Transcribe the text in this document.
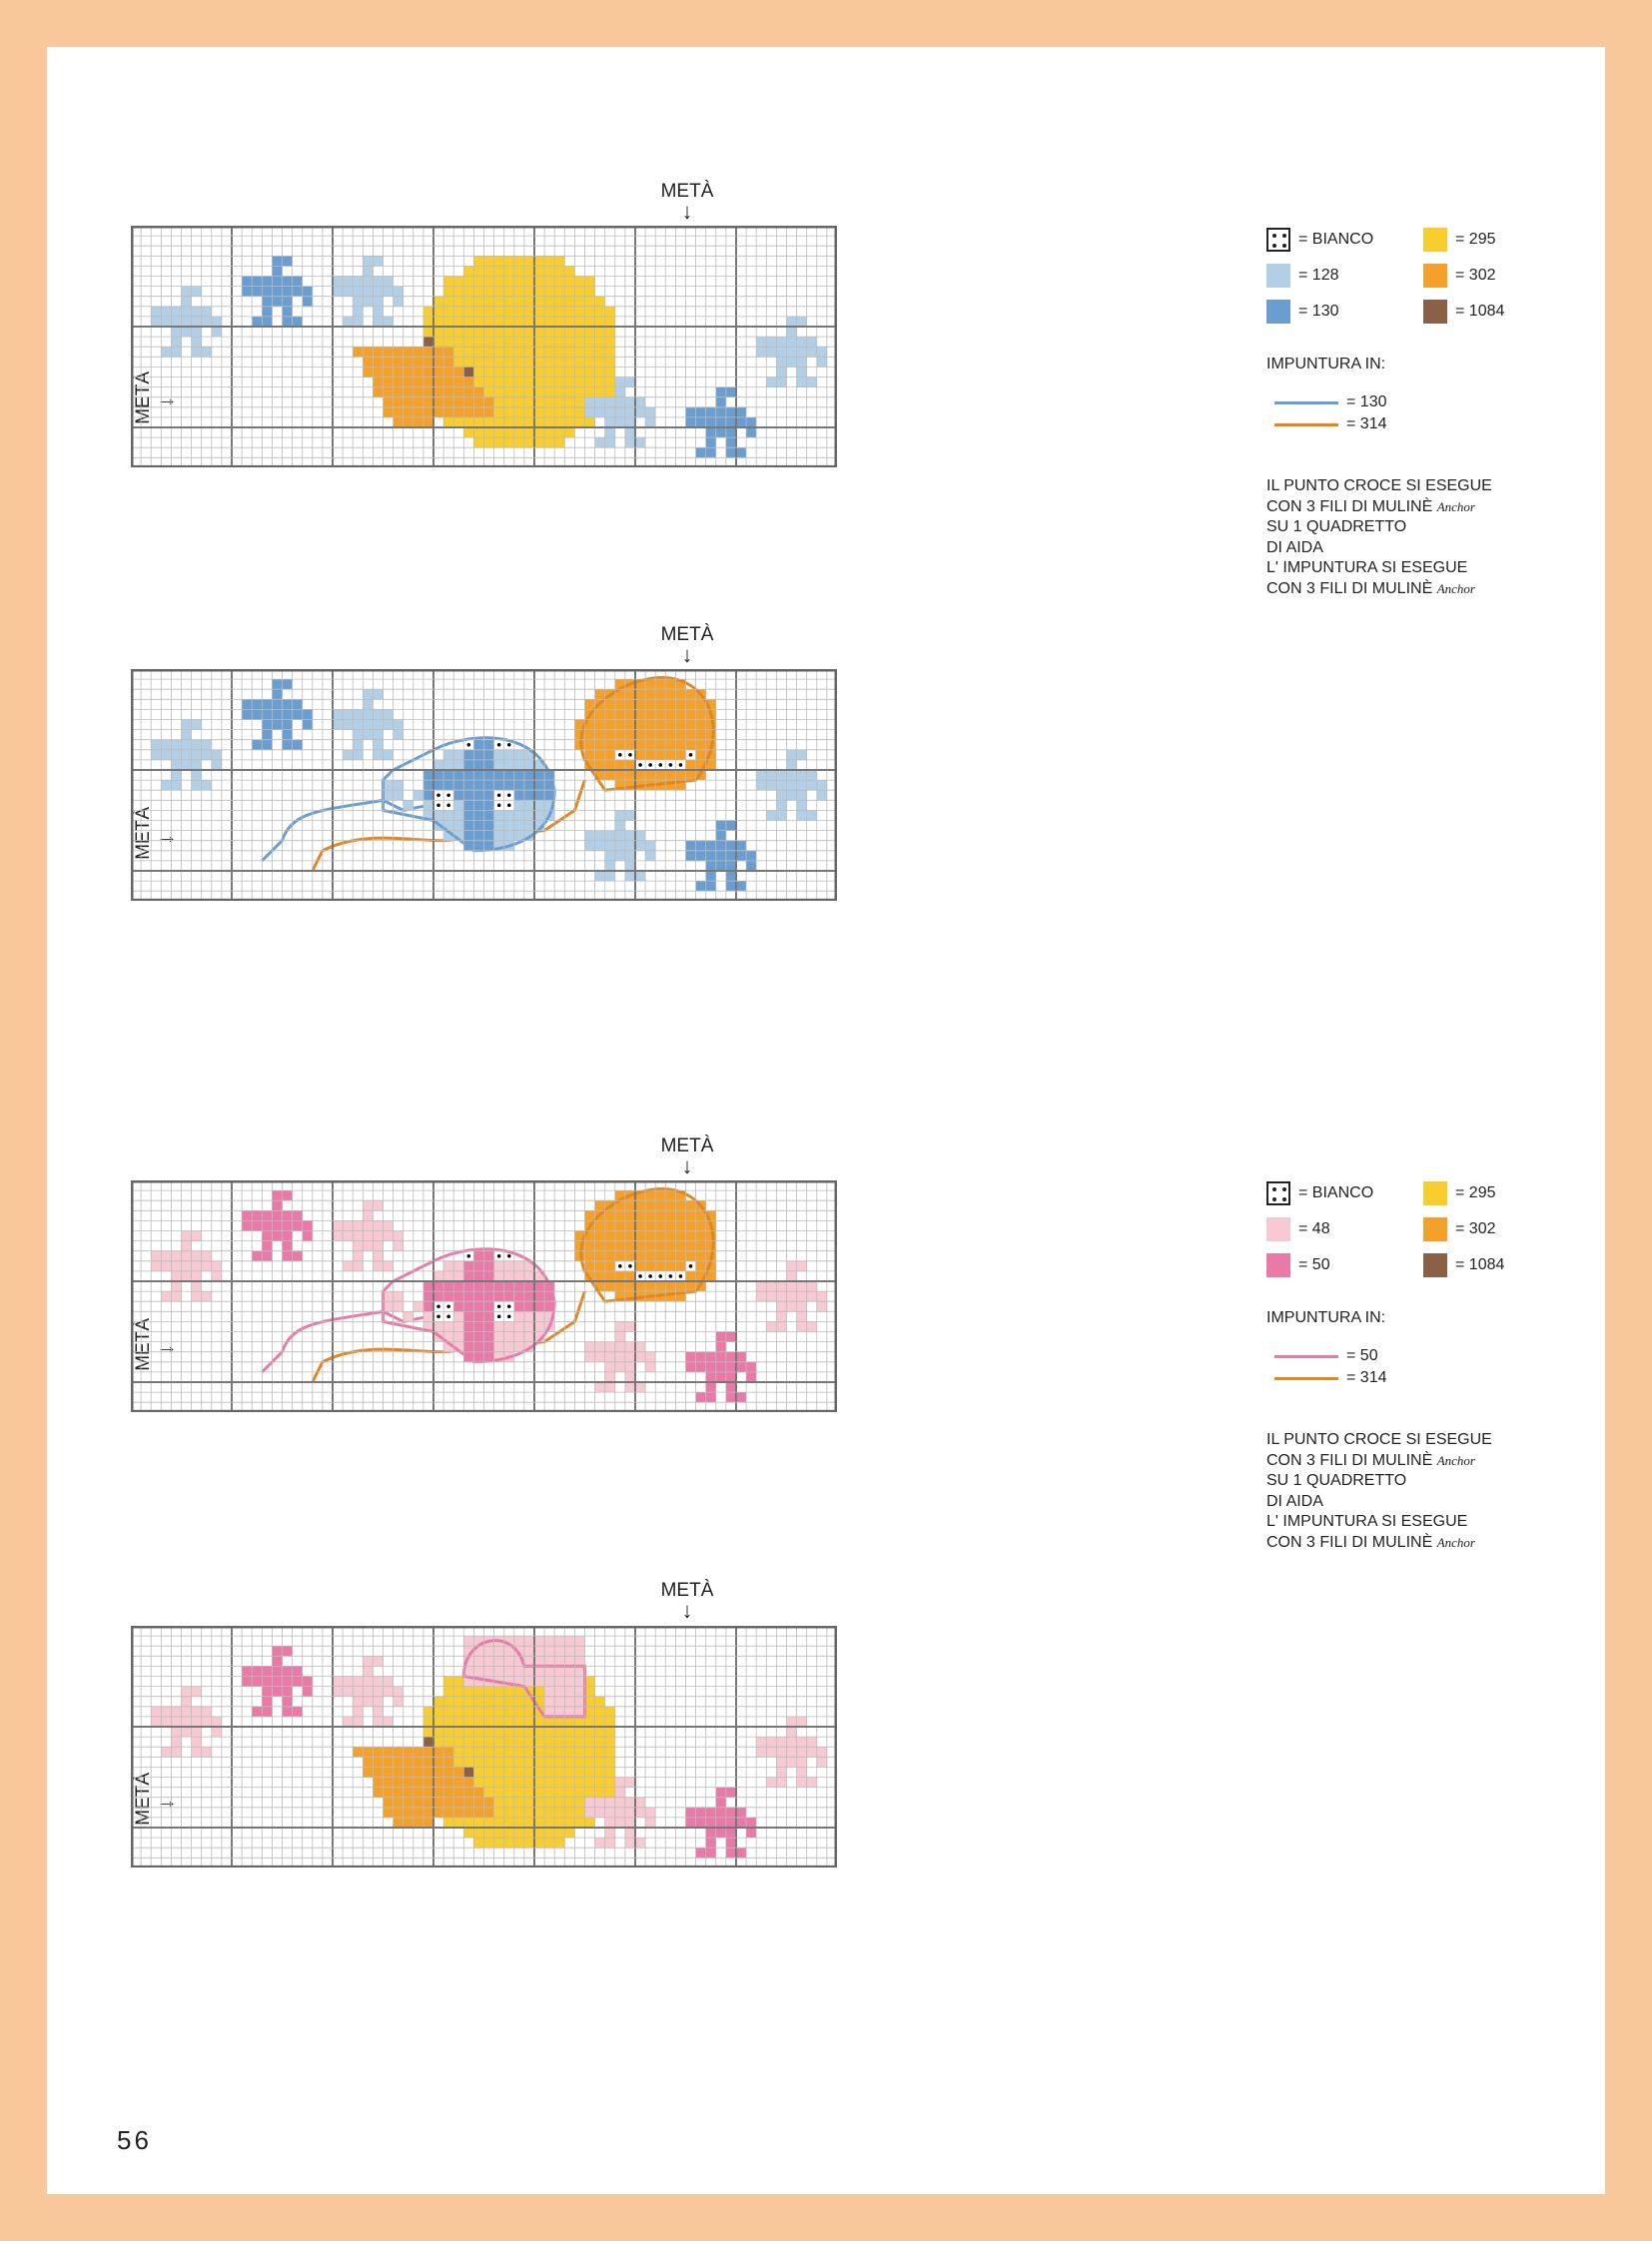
METÀ
↓
METÀ →
METÀ
↓
METÀ →
METÀ
↓
METÀ →
METÀ
↓
METÀ →
= BIANCO	= 295
= 128	= 302
= 130	= 1084
IMPUNTURA IN:
= 130
= 314
IL PUNTO CROCE SI ESEGUE
CON 3 FILI DI MULINÈ Anchor
SU 1 QUADRETTO
DI AIDA
L' IMPUNTURA SI ESEGUE
CON 3 FILI DI MULINÈ Anchor
= BIANCO	= 295
= 48	= 302
= 50	= 1084
IMPUNTURA IN:
= 50
= 314
IL PUNTO CROCE SI ESEGUE
CON 3 FILI DI MULINÈ Anchor
SU 1 QUADRETTO
DI AIDA
L' IMPUNTURA SI ESEGUE
CON 3 FILI DI MULINÈ Anchor
56
